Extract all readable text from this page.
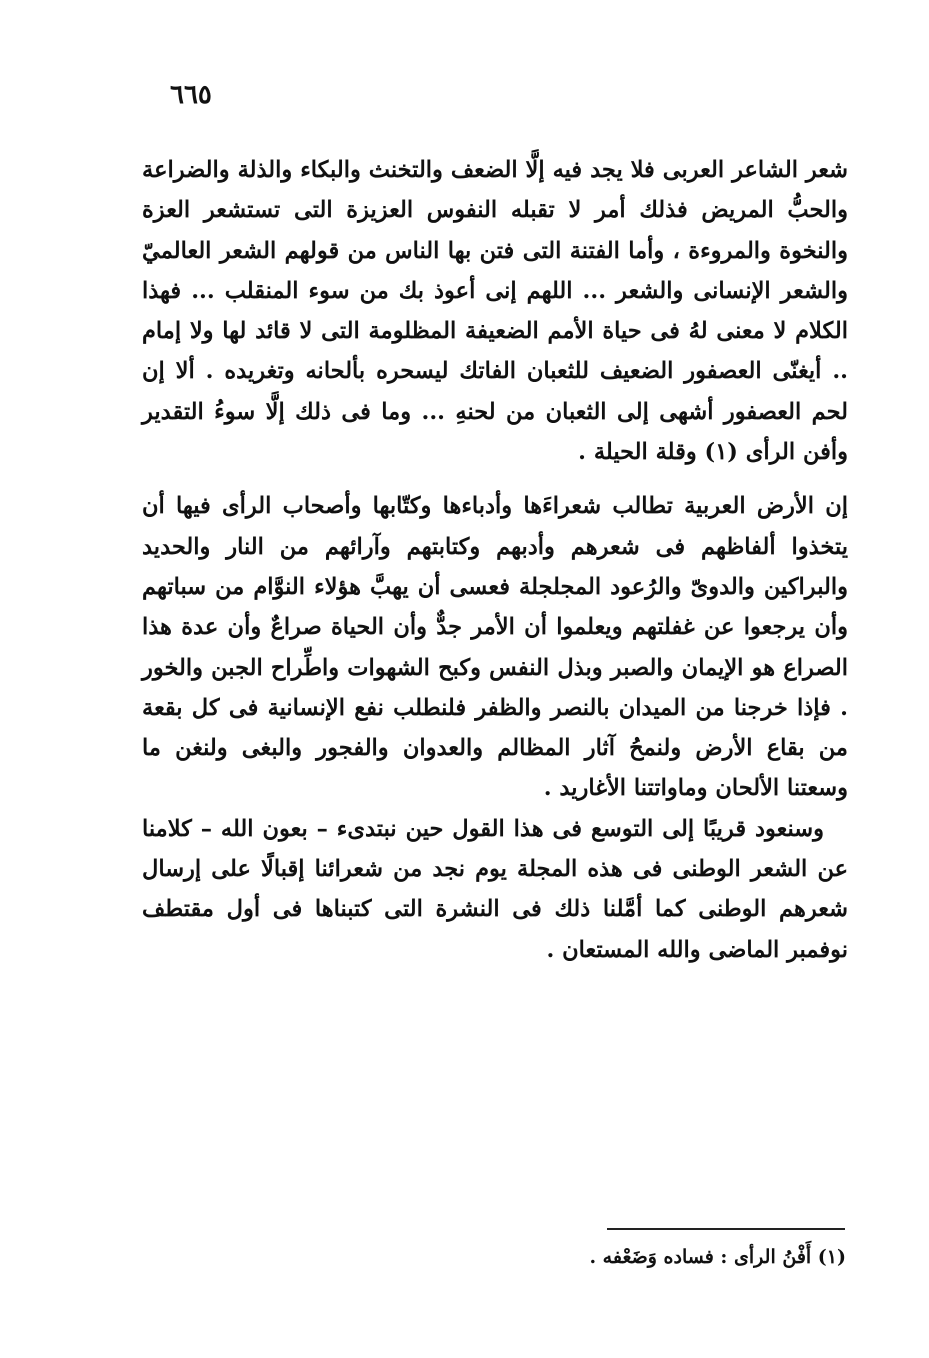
٦٦٥

شعر الشاعر العربى فلا يجد فيه إلَّا الضعف والتخنث والبكاء والذلة والضراعة والحبُّ المريض فذلك أمر لا تقبله النفوس العزيزة التى تستشعر العزة والنخوة والمروءة ، وأما الفتنة التى فتن بها الناس من قولهم الشعر العالميّ والشعر الإنسانى والشعر ... اللهم إنى أعوذ بك من سوء المنقلب ... فهذا الكلام لا معنى لهُ فى حياة الأمم الضعيفة المظلومة التى لا قائد لها ولا إمام .. أيغنّى العصفور الضعيف للثعبان الفاتك ليسحره بألحانه وتغريده . ألا إن لحم العصفور أشهى إلى الثعبان من لحنهِ ... وما فى ذلك إلَّا سوءُ التقدير وأفن الرأى (١) وقلة الحيلة .

إن الأرض العربية تطالب شعراءَها وأدباءها وكتّابها وأصحاب الرأى فيها أن يتخذوا ألفاظهم فى شعرهم وأدبهم وكتابتهم وآرائهم من النار والحديد والبراكين والدوىّ والرُعود المجلجلة فعسى أن يهبَّ هؤلاء النوَّام من سباتهم وأن يرجعوا عن غفلتهم ويعلموا أن الأمر جدٌّ وأن الحياة صراعٌ وأن عدة هذا الصراع هو الإيمان والصبر وبذل النفس وكبح الشهوات واطِّراح الجبن والخور . فإذا خرجنا من الميدان بالنصر والظفر فلنطلب نفع الإنسانية فى كل بقعة من بقاع الأرض ولنمحُ آثار المظالم والعدوان والفجور والبغى ولنغن ما وسعتنا الألحان وماواتتنا الأغاريد .

وسنعود قريبًا إلى التوسع فى هذا القول حين نبتدىء – بعون الله – كلامنا عن الشعر الوطنى فى هذه المجلة يوم نجد من شعرائنا إقبالًا على إرسال شعرهم الوطنى كما أمَّلنا ذلك فى النشرة التى كتبناها فى أول مقتطف نوفمبر الماضى والله المستعان .

(١) أَفْنُ الرأى : فساده وَضَعْفه .
